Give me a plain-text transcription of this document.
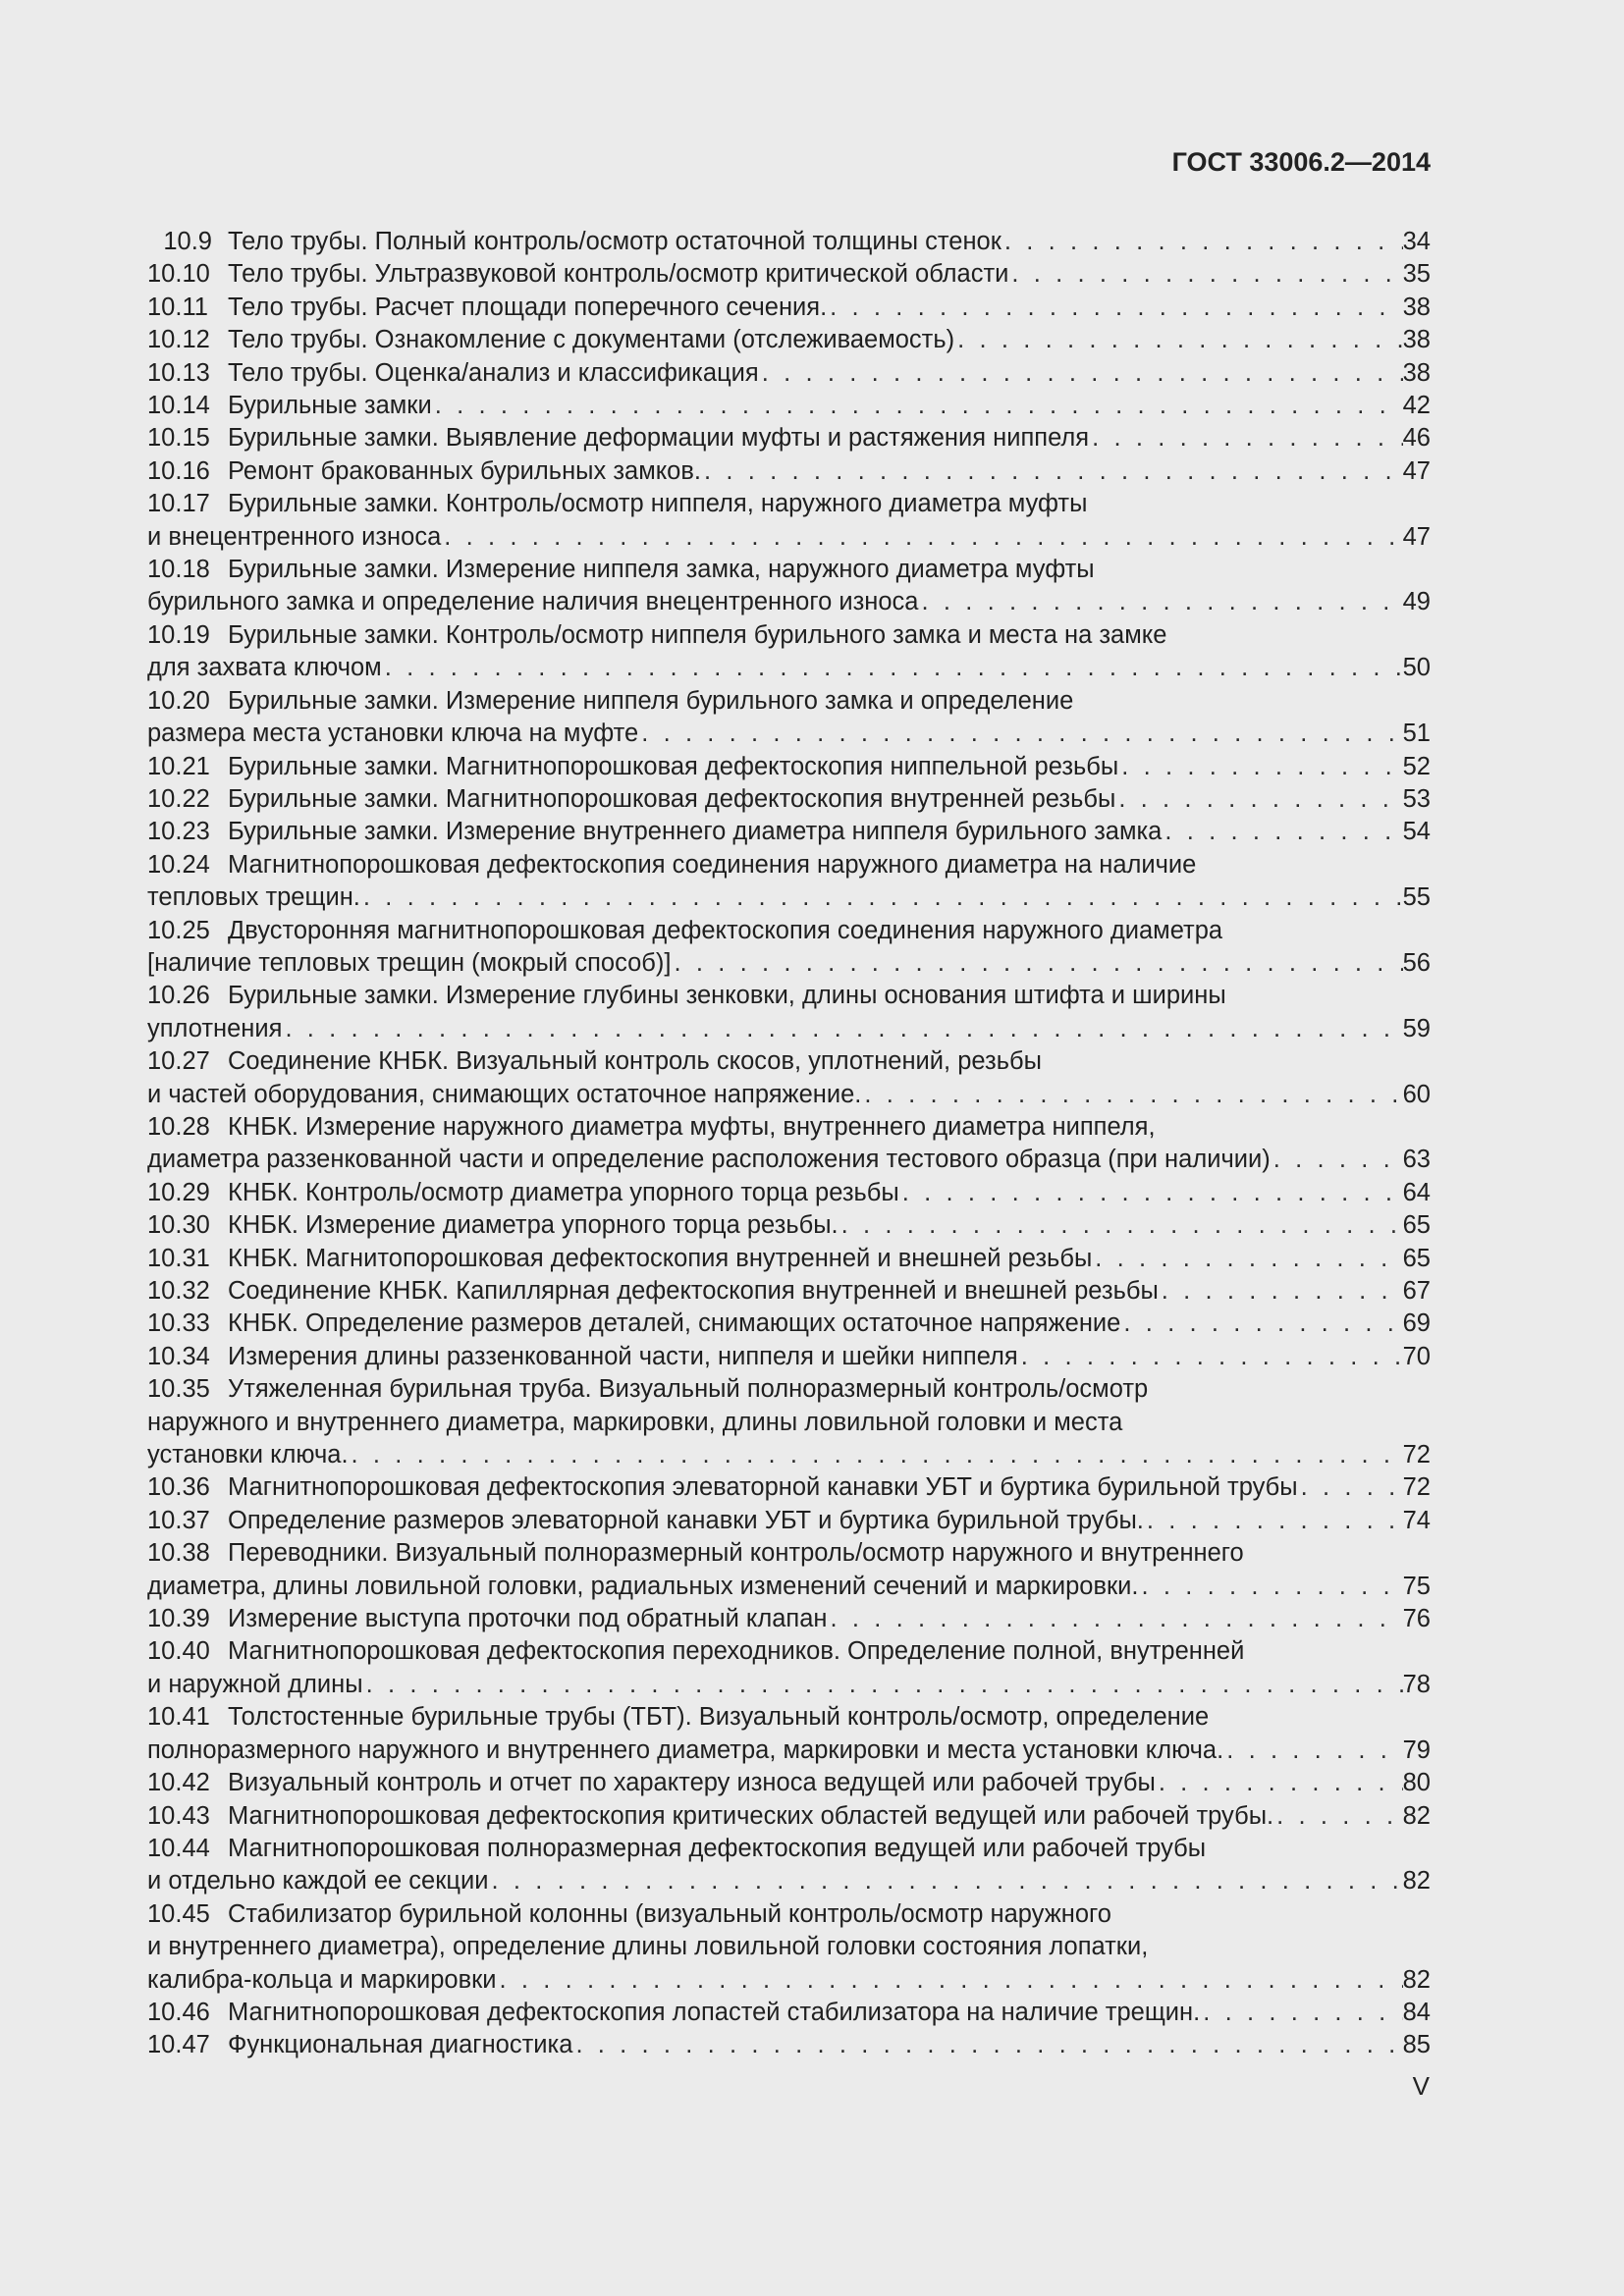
ГОСТ 33006.2—2014
10.9 Тело трубы. Полный контроль/осмотр остаточной толщины стенок . . .	34
10.10 Тело трубы. Ультразвуковой контроль/осмотр критической области . . .	35
10.11 Тело трубы. Расчет площади поперечного сечения. . . .	38
10.12 Тело трубы. Ознакомление с документами (отслеживаемость) . . .	38
10.13 Тело трубы. Оценка/анализ и классификация . . .	38
10.14 Бурильные замки . . .	42
10.15 Бурильные замки. Выявление деформации муфты и растяжения ниппеля . . .	46
10.16 Ремонт бракованных бурильных замков. . . .	47
10.17 Бурильные замки. Контроль/осмотр ниппеля, наружного диаметра муфты
и внецентренного износа . . .	47
10.18 Бурильные замки. Измерение ниппеля замка, наружного диаметра муфты
бурильного замка и определение наличия внецентренного износа . . .	49
10.19 Бурильные замки. Контроль/осмотр ниппеля бурильного замка и места на замке
для захвата ключом . . .	50
10.20 Бурильные замки. Измерение ниппеля бурильного замка и определение
размера места установки ключа на муфте . . .	51
10.21 Бурильные замки. Магнитнопорошковая дефектоскопия ниппельной резьбы . . .	52
10.22 Бурильные замки. Магнитнопорошковая дефектоскопия внутренней резьбы . . .	53
10.23 Бурильные замки. Измерение внутреннего диаметра ниппеля бурильного замка . . .	54
10.24 Магнитнопорошковая дефектоскопия соединения наружного диаметра на наличие
тепловых трещин. . . .	55
10.25 Двусторонняя магнитнопорошковая дефектоскопия соединения наружного диаметра
[наличие тепловых трещин (мокрый способ)] . . .	56
10.26 Бурильные замки. Измерение глубины зенковки, длины основания штифта и ширины
уплотнения . . .	59
10.27 Соединение КНБК. Визуальный контроль скосов, уплотнений, резьбы
и частей оборудования, снимающих остаточное напряжение. . . .	60
10.28 КНБК. Измерение наружного диаметра муфты, внутреннего диаметра ниппеля,
диаметра раззенкованной части и определение расположения тестового образца (при наличии) . . .	63
10.29 КНБК. Контроль/осмотр диаметра упорного торца резьбы . . .	64
10.30 КНБК. Измерение диаметра упорного торца резьбы. . . .	65
10.31 КНБК. Магнитопорошковая дефектоскопия внутренней и внешней резьбы . . .	65
10.32 Соединение КНБК. Капиллярная дефектоскопия внутренней и внешней резьбы . . .	67
10.33 КНБК. Определение размеров деталей, снимающих остаточное напряжение . . .	69
10.34 Измерения длины раззенкованной части, ниппеля и шейки ниппеля . . .	70
10.35 Утяжеленная бурильная труба. Визуальный полноразмерный контроль/осмотр
наружного и внутреннего диаметра, маркировки, длины ловильной головки и места
установки ключа. . . .	72
10.36 Магнитнопорошковая дефектоскопия элеваторной канавки УБТ и буртика бурильной трубы . . .	72
10.37 Определение размеров элеваторной канавки УБТ и буртика бурильной трубы. . . .	74
10.38 Переводники. Визуальный полноразмерный контроль/осмотр наружного и внутреннего
диаметра, длины ловильной головки, радиальных изменений сечений и маркировки. . . .	75
10.39 Измерение выступа проточки под обратный клапан . . .	76
10.40 Магнитнопорошковая дефектоскопия переходников. Определение полной, внутренней
и наружной длины . . .	78
10.41 Толстостенные бурильные трубы (ТБТ). Визуальный контроль/осмотр, определение
полноразмерного наружного и внутреннего диаметра, маркировки и места установки ключа. . . .	79
10.42 Визуальный контроль и отчет по характеру износа ведущей или рабочей трубы . . .	80
10.43 Магнитнопорошковая дефектоскопия критических областей ведущей или рабочей трубы. . . .	82
10.44 Магнитнопорошковая полноразмерная дефектоскопия ведущей или рабочей трубы
и отдельно каждой ее секции . . .	82
10.45 Стабилизатор бурильной колонны (визуальный контроль/осмотр наружного
и внутреннего диаметра), определение длины ловильной головки состояния лопатки,
калибра-кольца и маркировки . . .	82
10.46 Магнитнопорошковая дефектоскопия лопастей стабилизатора на наличие трещин. . . .	84
10.47 Функциональная диагностика . . .	85
V
